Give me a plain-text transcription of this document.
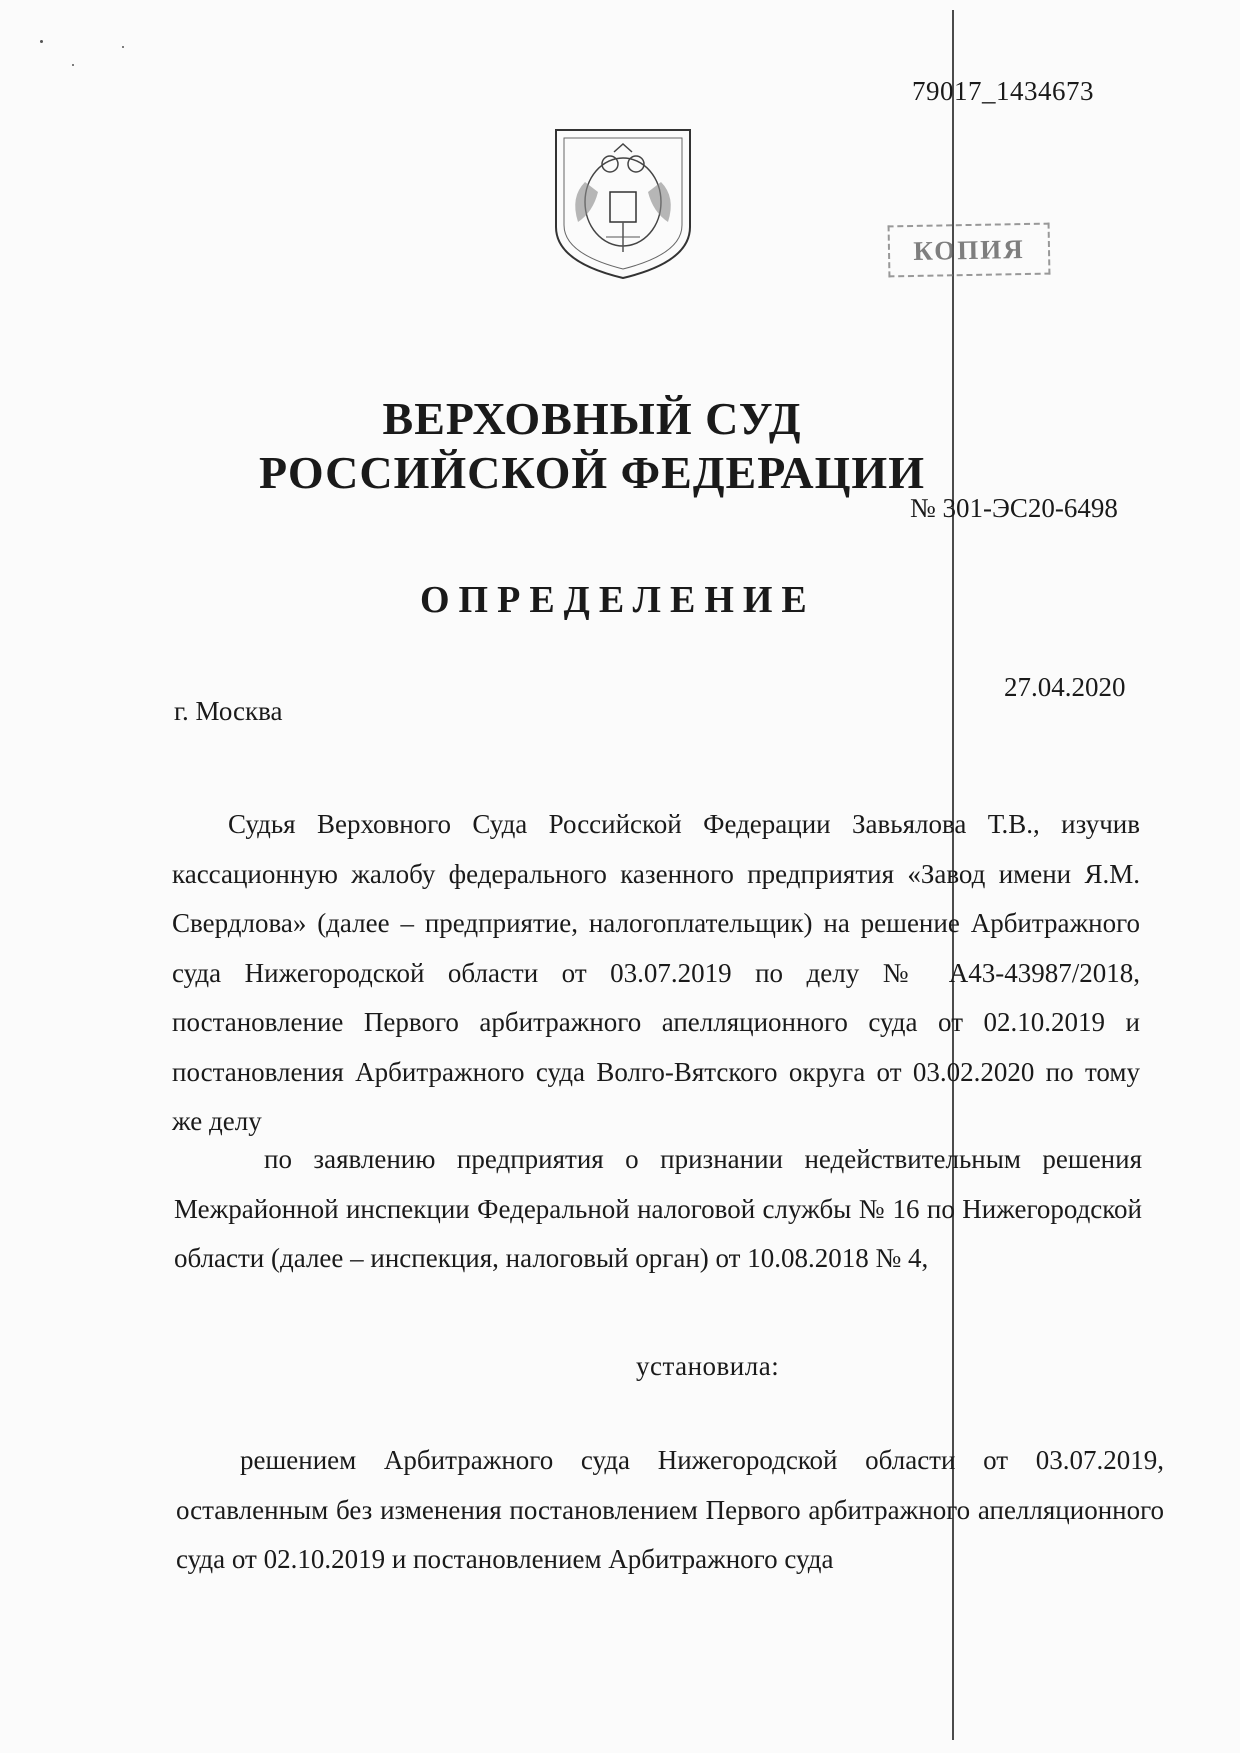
79017_1434673
КОПИЯ
ВЕРХОВНЫЙ СУД
РОССИЙСКОЙ ФЕДЕРАЦИИ
№ 301-ЭС20-6498
ОПРЕДЕЛЕНИЕ
27.04.2020
г. Москва
Судья Верховного Суда Российской Федерации Завьялова Т.В., изучив кассационную жалобу федерального казенного предприятия «Завод имени Я.М. Свердлова» (далее – предприятие, налогоплательщик) на решение Арбитражного суда Нижегородской области от 03.07.2019 по делу № А43-43987/2018, постановление Первого арбитражного апелляционного суда от 02.10.2019 и постановления Арбитражного суда Волго-Вятского округа от 03.02.2020 по тому же делу
по заявлению предприятия о признании недействительным решения Межрайонной инспекции Федеральной налоговой службы № 16 по Нижегородской области (далее – инспекция, налоговый орган) от 10.08.2018 № 4,
установила:
решением Арбитражного суда Нижегородской области от 03.07.2019, оставленным без изменения постановлением Первого арбитражного апелляционного суда от 02.10.2019 и постановлением Арбитражного суда
